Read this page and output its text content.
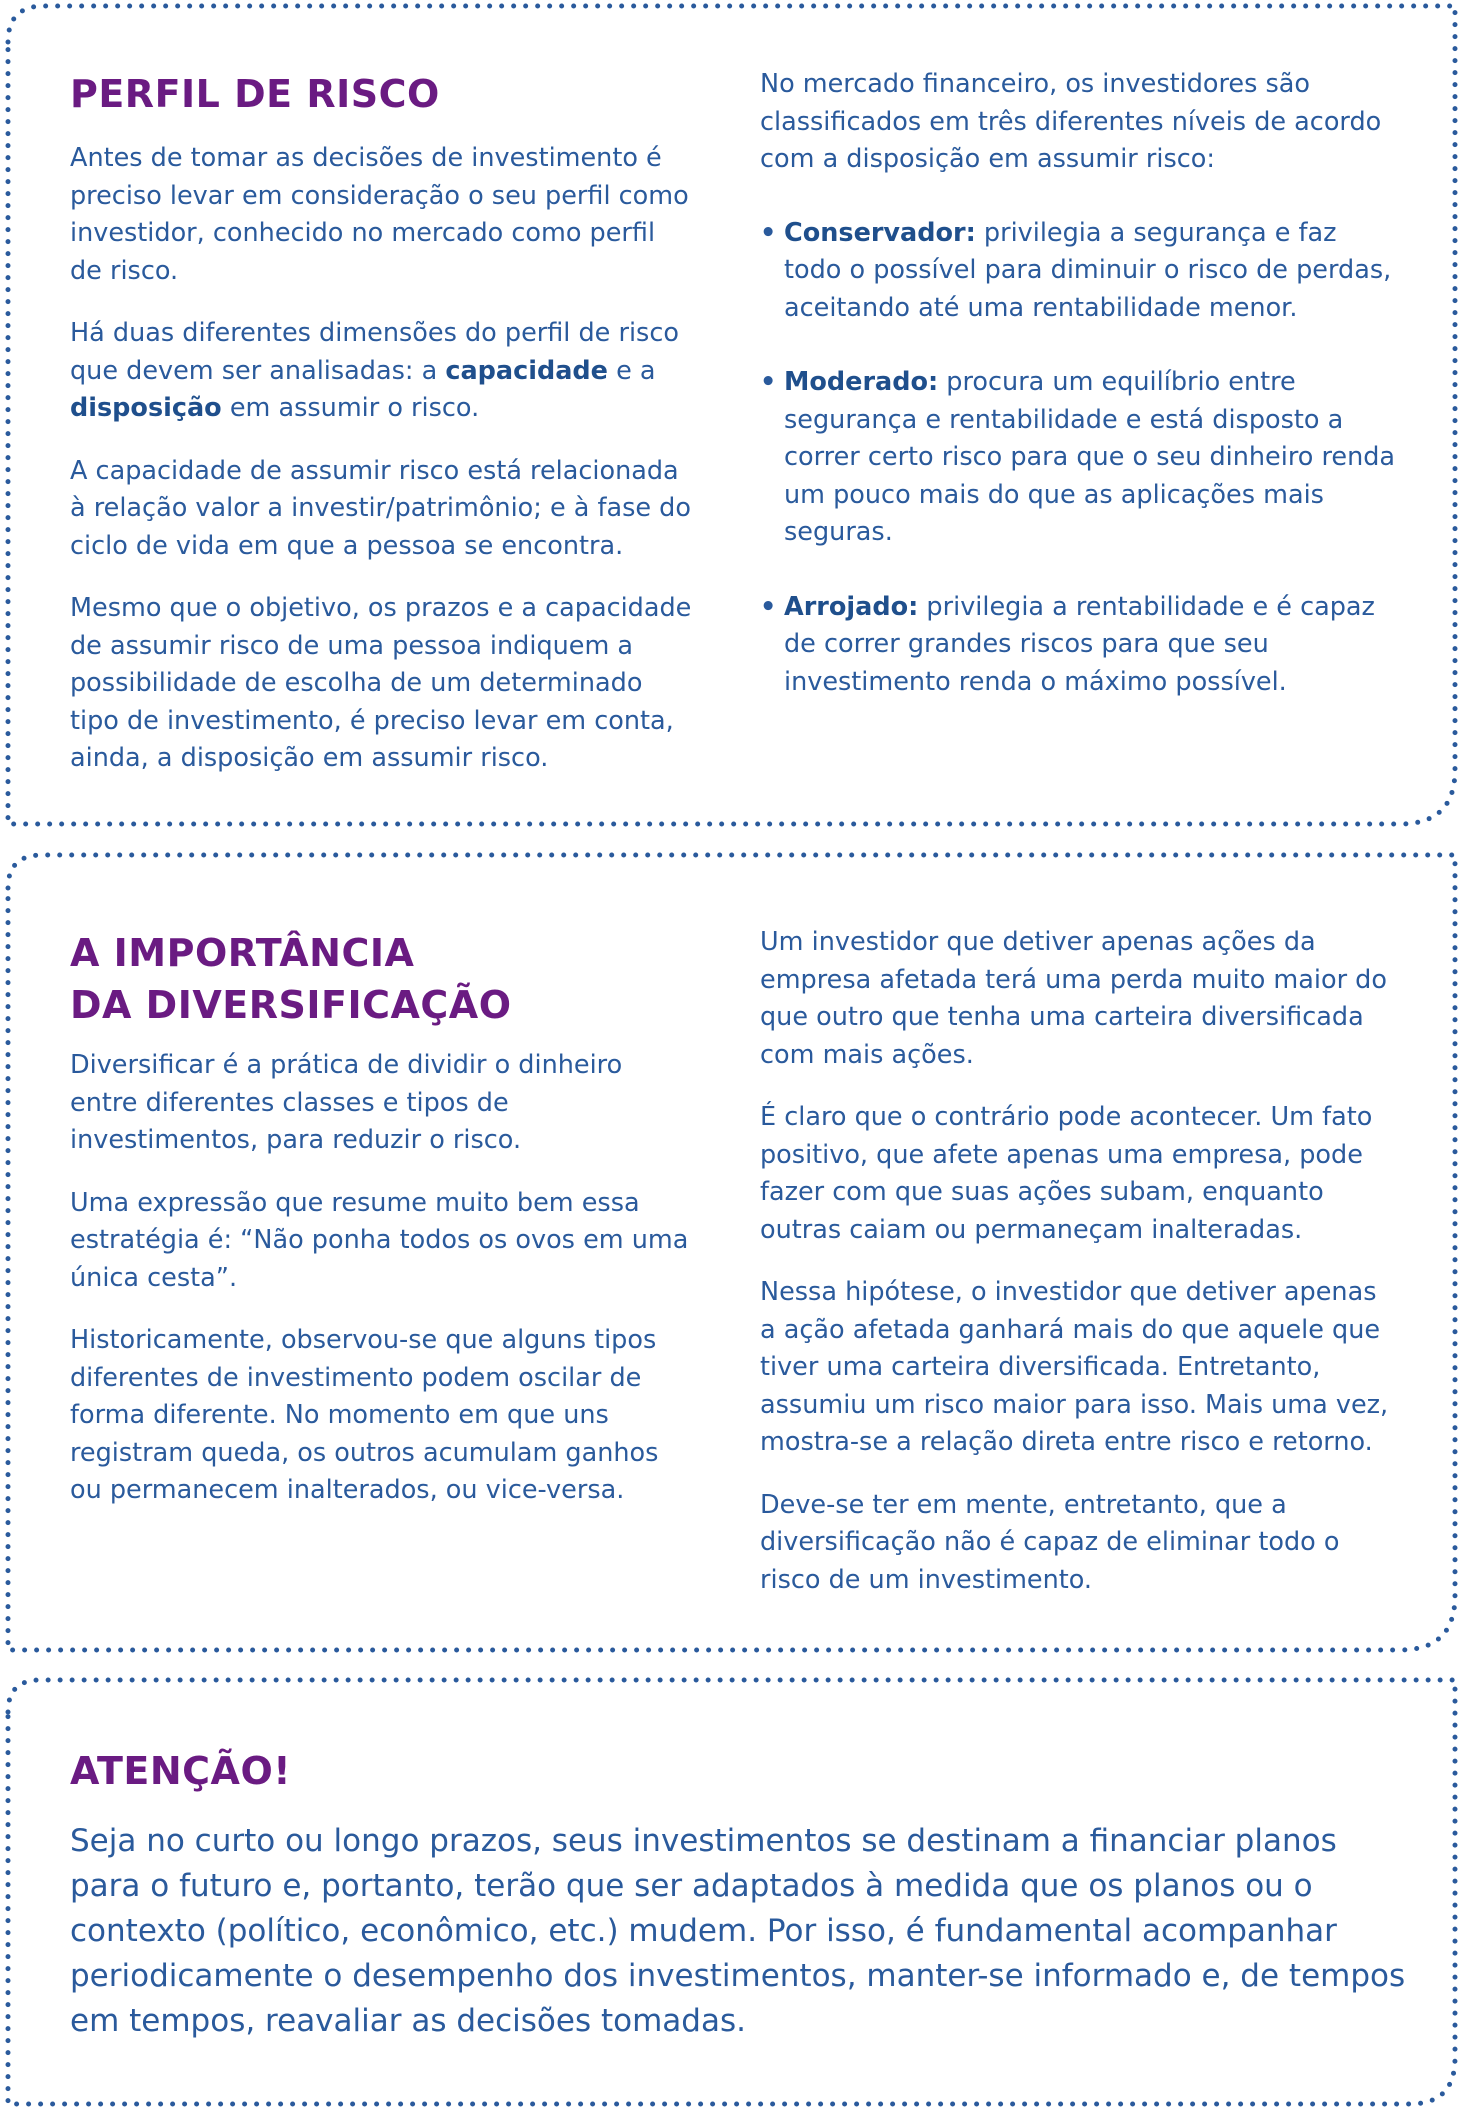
PERFIL DE RISCO

Antes de tomar as decisões de investimento é preciso levar em consideração o seu perfil como investidor, conhecido no mercado como perfil de risco.

Há duas diferentes dimensões do perfil de risco que devem ser analisadas: a capacidade e a disposição em assumir o risco.

A capacidade de assumir risco está relacionada à relação valor a investir/patrimônio; e à fase do ciclo de vida em que a pessoa se encontra.

Mesmo que o objetivo, os prazos e a capacidade de assumir risco de uma pessoa indiquem a possibilidade de escolha de um determinado tipo de investimento, é preciso levar em conta, ainda, a disposição em assumir risco.

No mercado financeiro, os investidores são classificados em três diferentes níveis de acordo com a disposição em assumir risco:

• Conservador: privilegia a segurança e faz todo o possível para diminuir o risco de perdas, aceitando até uma rentabilidade menor.
• Moderado: procura um equilíbrio entre segurança e rentabilidade e está disposto a correr certo risco para que o seu dinheiro renda um pouco mais do que as aplicações mais seguras.
• Arrojado: privilegia a rentabilidade e é capaz de correr grandes riscos para que seu investimento renda o máximo possível.
A IMPORTÂNCIA
DA DIVERSIFICAÇÃO

Diversificar é a prática de dividir o dinheiro entre diferentes classes e tipos de investimentos, para reduzir o risco.

Uma expressão que resume muito bem essa estratégia é: “Não ponha todos os ovos em uma única cesta”.

Historicamente, observou-se que alguns tipos diferentes de investimento podem oscilar de forma diferente. No momento em que uns registram queda, os outros acumulam ganhos ou permanecem inalterados, ou vice-versa.

Um investidor que detiver apenas ações da empresa afetada terá uma perda muito maior do que outro que tenha uma carteira diversificada com mais ações.

É claro que o contrário pode acontecer. Um fato positivo, que afete apenas uma empresa, pode fazer com que suas ações subam, enquanto outras caiam ou permaneçam inalteradas.

Nessa hipótese, o investidor que detiver apenas a ação afetada ganhará mais do que aquele que tiver uma carteira diversificada. Entretanto, assumiu um risco maior para isso. Mais uma vez, mostra-se a relação direta entre risco e retorno.

Deve-se ter em mente, entretanto, que a diversificação não é capaz de eliminar todo o risco de um investimento.

ATENÇÃO!

Seja no curto ou longo prazos, seus investimentos se destinam a financiar planos para o futuro e, portanto, terão que ser adaptados à medida que os planos ou o contexto (político, econômico, etc.) mudem. Por isso, é fundamental acompanhar periodicamente o desempenho dos investimentos, manter-se informado e, de tempos em tempos, reavaliar as decisões tomadas.
